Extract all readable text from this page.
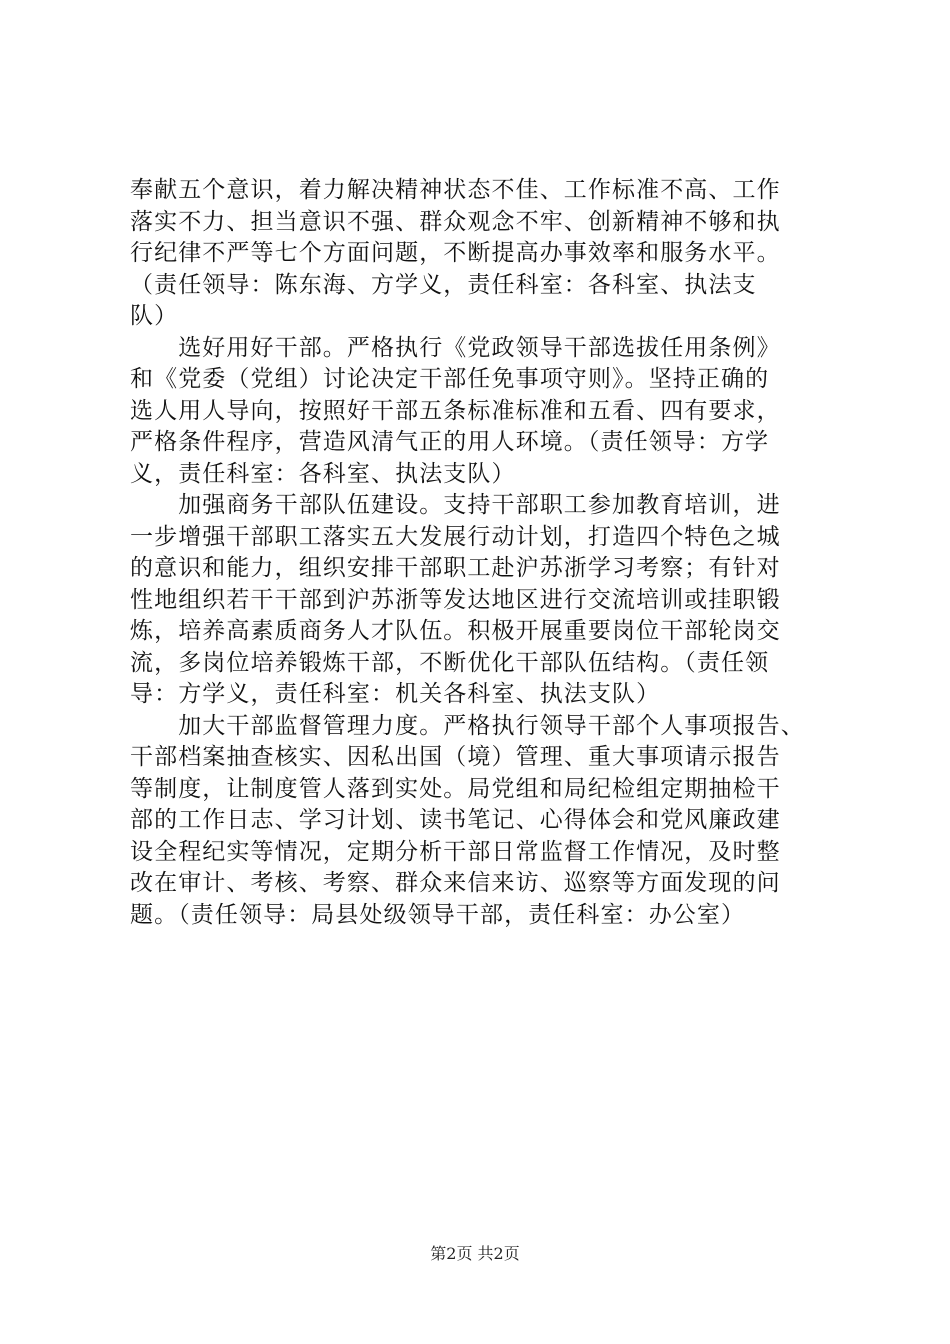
奉献五个意识，着力解决精神状态不佳、工作标准不高、工作
落实不力、担当意识不强、群众观念不牢、创新精神不够和执
行纪律不严等七个方面问题，不断提高办事效率和服务水平。
（责任领导：陈东海、方学义，责任科室：各科室、执法支
队）
　　选好用好干部。严格执行《党政领导干部选拔任用条例》
和《党委（党组）讨论决定干部任免事项守则》。坚持正确的
选人用人导向，按照好干部五条标准标准和五看、四有要求，
严格条件程序，营造风清气正的用人环境。（责任领导：方学
义，责任科室：各科室、执法支队）
　　加强商务干部队伍建设。支持干部职工参加教育培训，进
一步增强干部职工落实五大发展行动计划，打造四个特色之城
的意识和能力，组织安排干部职工赴沪苏浙学习考察；有针对
性地组织若干干部到沪苏浙等发达地区进行交流培训或挂职锻
炼，培养高素质商务人才队伍。积极开展重要岗位干部轮岗交
流，多岗位培养锻炼干部，不断优化干部队伍结构。（责任领
导：方学义，责任科室：机关各科室、执法支队）
　　加大干部监督管理力度。严格执行领导干部个人事项报告、
干部档案抽查核实、因私出国（境）管理、重大事项请示报告
等制度，让制度管人落到实处。局党组和局纪检组定期抽检干
部的工作日志、学习计划、读书笔记、心得体会和党风廉政建
设全程纪实等情况，定期分析干部日常监督工作情况，及时整
改在审计、考核、考察、群众来信来访、巡察等方面发现的问
题。（责任领导：局县处级领导干部，责任科室：办公室）
第2页 共2页
